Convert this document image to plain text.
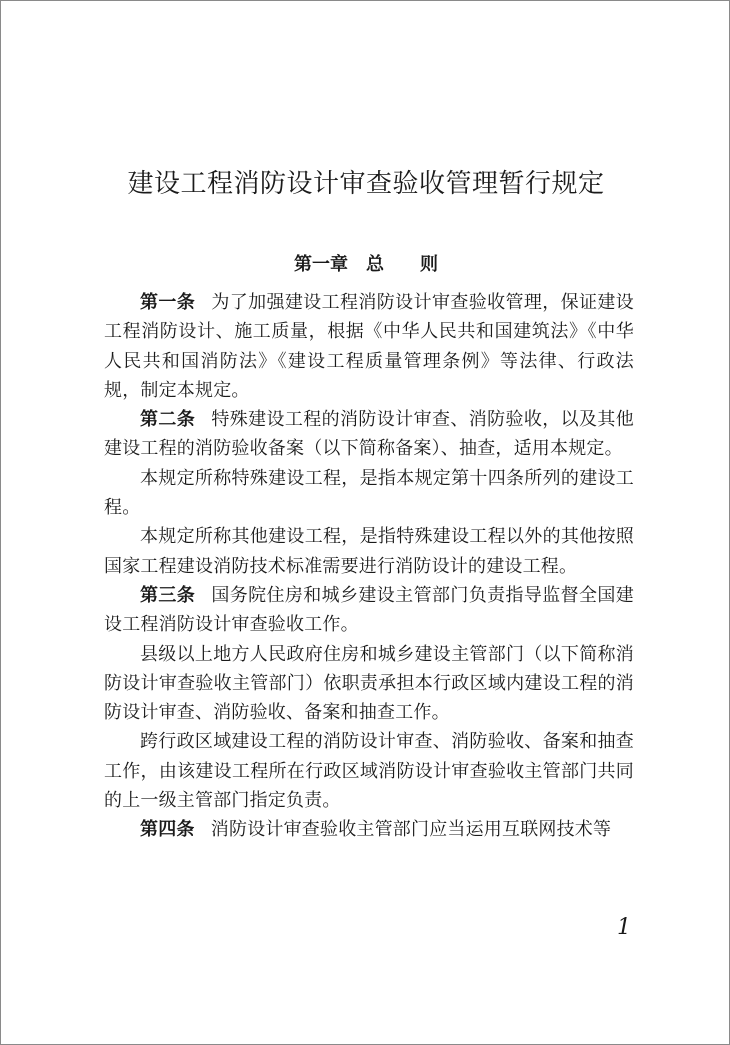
建设工程消防设计审查验收管理暂行规定
第一章　总　　则

第一条 为了加强建设工程消防设计审查验收管理，保证建设工程消防设计、施工质量，根据《中华人民共和国建筑法》《中华人民共和国消防法》《建设工程质量管理条例》等法律、行政法规，制定本规定。

第二条 特殊建设工程的消防设计审查、消防验收，以及其他建设工程的消防验收备案（以下简称备案）、抽查，适用本规定。

本规定所称特殊建设工程，是指本规定第十四条所列的建设工程。

本规定所称其他建设工程，是指特殊建设工程以外的其他按照国家工程建设消防技术标准需要进行消防设计的建设工程。

第三条 国务院住房和城乡建设主管部门负责指导监督全国建设工程消防设计审查验收工作。

县级以上地方人民政府住房和城乡建设主管部门（以下简称消防设计审查验收主管部门）依职责承担本行政区域内建设工程的消防设计审查、消防验收、备案和抽查工作。

跨行政区域建设工程的消防设计审查、消防验收、备案和抽查工作，由该建设工程所在行政区域消防设计审查验收主管部门共同的上一级主管部门指定负责。

第四条 消防设计审查验收主管部门应当运用互联网技术等

1
